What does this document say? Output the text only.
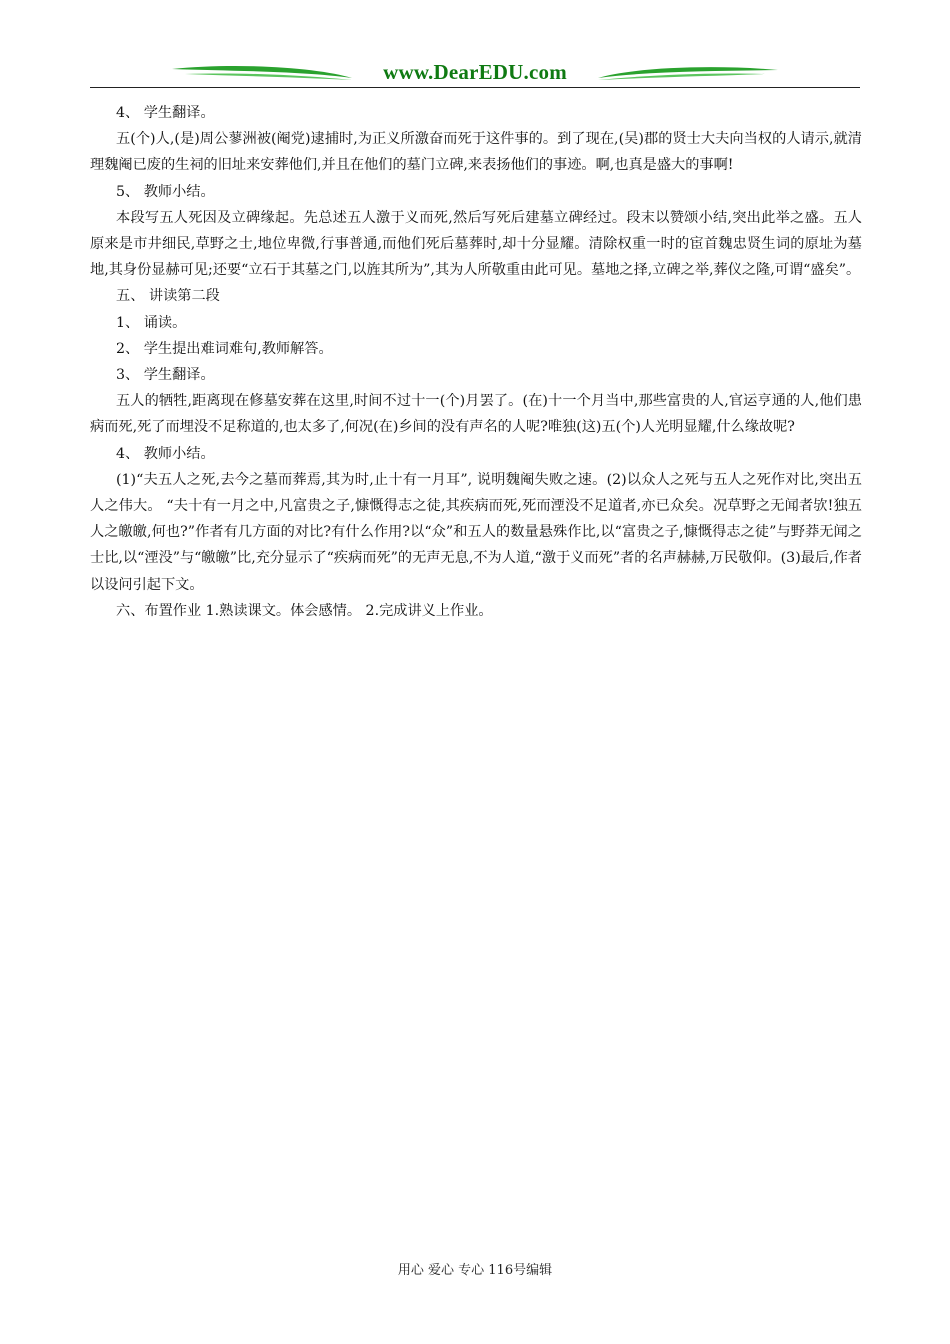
www.DearEDU.com

4、 学生翻译。

五(个)人,(是)周公蓼洲被(阉党)逮捕时,为正义所激奋而死于这件事的。到了现在,(吴)郡的贤士大夫向当权的人请示,就清理魏阉已废的生祠的旧址来安葬他们,并且在他们的墓门立碑,来表扬他们的事迹。啊,也真是盛大的事啊!

5、 教师小结。

本段写五人死因及立碑缘起。先总述五人激于义而死,然后写死后建墓立碑经过。段末以赞颂小结,突出此举之盛。五人原来是市井细民,草野之士,地位卑微,行事普通,而他们死后墓葬时,却十分显耀。清除权重一时的宦首魏忠贤生词的原址为墓地,其身份显赫可见;还要“立石于其墓之门,以旌其所为”,其为人所敬重由此可见。墓地之择,立碑之举,葬仪之隆,可谓“盛矣”。

五、 讲读第二段

1、 诵读。

2、 学生提出难词难句,教师解答。

3、 学生翻译。

五人的牺牲,距离现在修墓安葬在这里,时间不过十一(个)月罢了。(在)十一个月当中,那些富贵的人,官运亨通的人,他们患病而死,死了而埋没不足称道的,也太多了,何况(在)乡间的没有声名的人呢?唯独(这)五(个)人光明显耀,什么缘故呢?

4、 教师小结。

(1)“夫五人之死,去今之墓而葬焉,其为时,止十有一月耳”, 说明魏阉失败之速。(2)以众人之死与五人之死作对比,突出五人之伟大。 “夫十有一月之中,凡富贵之子,慷慨得志之徒,其疾病而死,死而湮没不足道者,亦已众矣。况草野之无闻者欤!独五人之皦皦,何也?”作者有几方面的对比?有什么作用?以“众”和五人的数量悬殊作比,以“富贵之子,慷慨得志之徒”与野莽无闻之士比,以“湮没”与“皦皦”比,充分显示了“疾病而死”的无声无息,不为人道,“激于义而死”者的名声赫赫,万民敬仰。(3)最后,作者以设问引起下文。

六、布置作业 1.熟读课文。体会感情。 2.完成讲义上作业。

用心 爱心 专心 116号编辑
